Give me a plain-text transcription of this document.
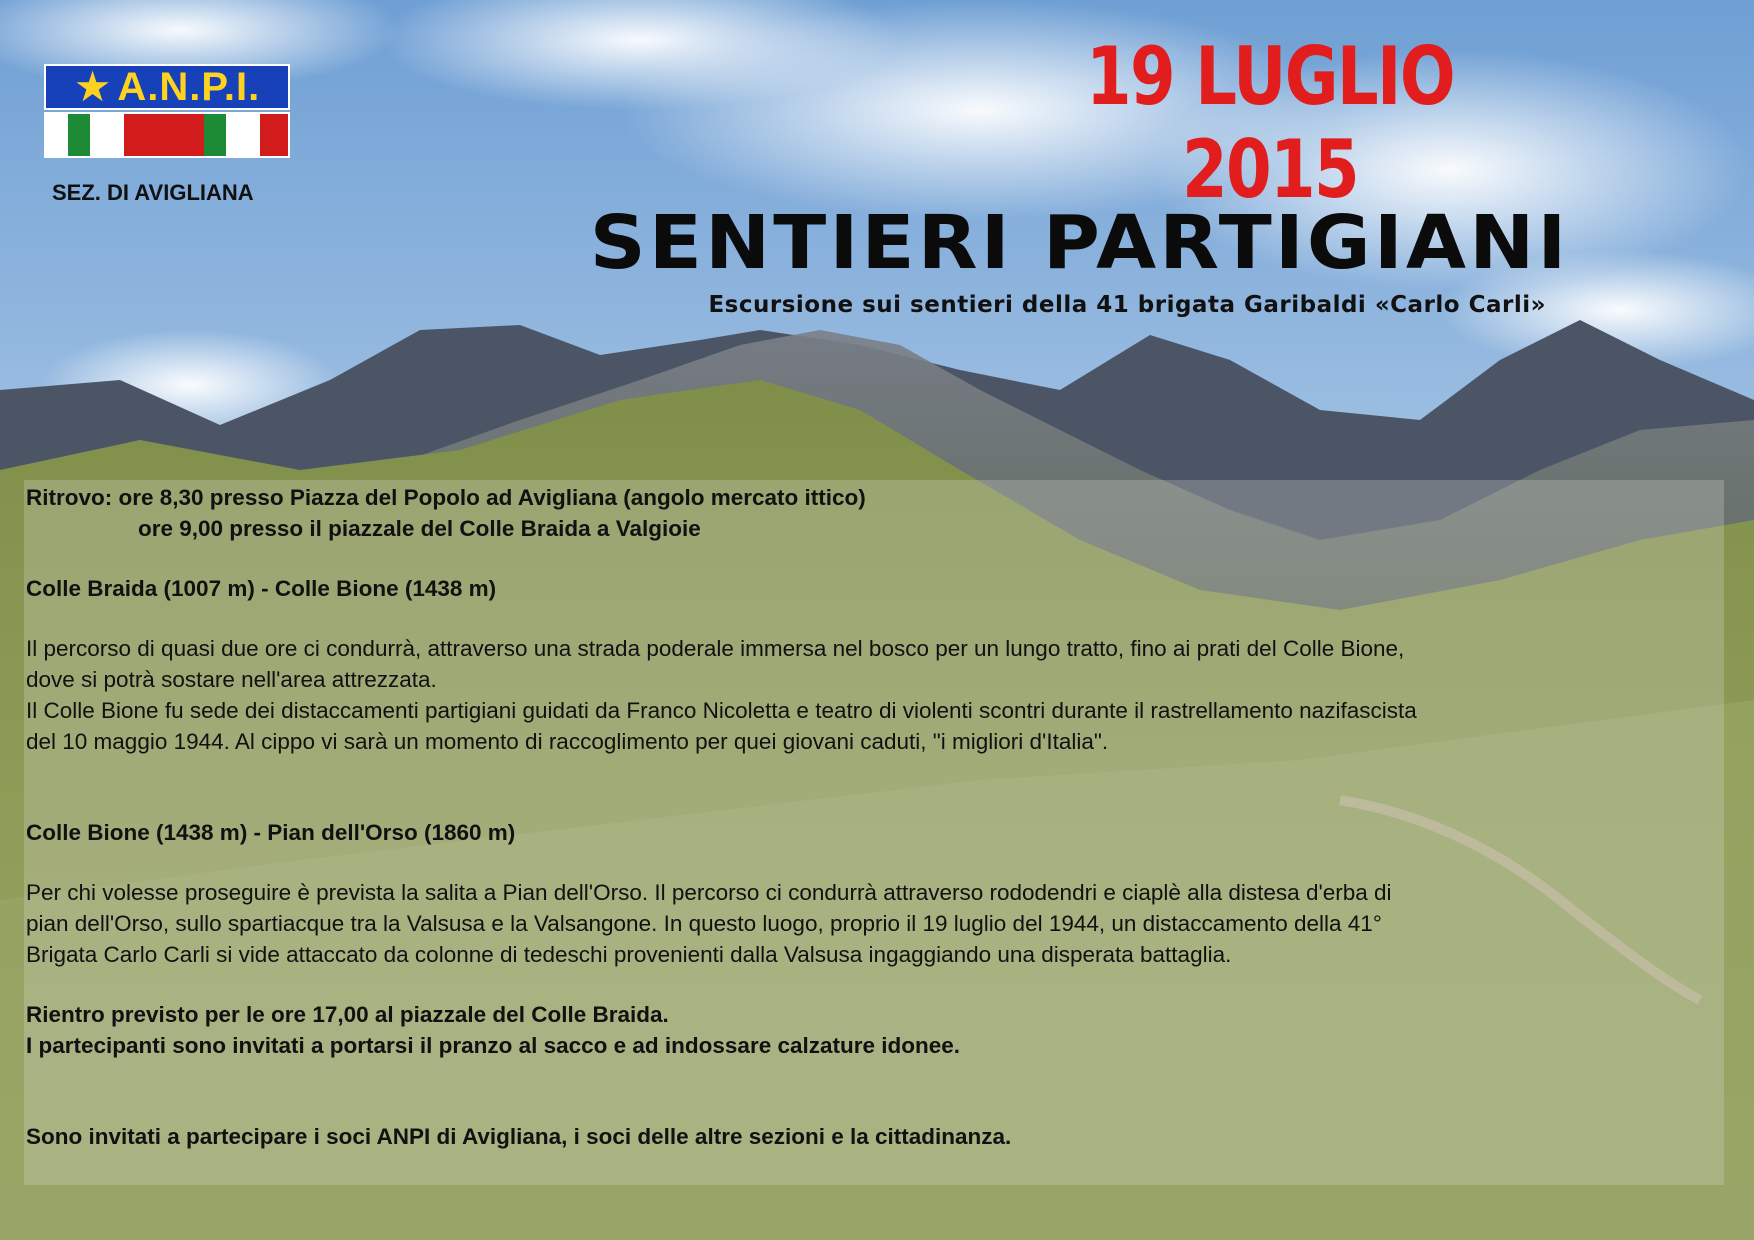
★ A.N.P.I.
SEZ. DI AVIGLIANA
19 LUGLIO 2015
SENTIERI PARTIGIANI
Escursione sui sentieri della 41 brigata Garibaldi «Carlo Carli»

Ritrovo: ore 8,30 presso Piazza del Popolo ad Avigliana (angolo mercato ittico)

ore 9,00 presso il piazzale del Colle Braida a Valgioie

Colle Braida (1007 m) - Colle Bione (1438 m)

Il percorso di quasi due ore ci condurrà, attraverso una strada poderale immersa nel bosco per un lungo tratto, fino ai prati del Colle Bione,

dove si potrà sostare nell'area attrezzata.

Il Colle Bione fu sede dei distaccamenti partigiani guidati da Franco Nicoletta e teatro di violenti scontri durante il rastrellamento nazifascista

del 10 maggio 1944. Al cippo vi sarà un momento di raccoglimento per quei giovani caduti, "i migliori d'Italia".

Colle Bione (1438 m) - Pian dell'Orso (1860 m)

Per chi volesse proseguire è prevista la salita a Pian dell'Orso. Il percorso ci condurrà attraverso rododendri e ciaplè alla distesa d'erba di

pian dell'Orso, sullo spartiacque tra la Valsusa e la Valsangone. In questo luogo, proprio il 19 luglio del 1944, un distaccamento della 41°

Brigata Carlo Carli si vide attaccato da colonne di tedeschi provenienti dalla Valsusa ingaggiando una disperata battaglia.

Rientro previsto per le ore 17,00 al piazzale del Colle Braida.

I partecipanti sono invitati a portarsi il pranzo al sacco e ad indossare calzature idonee.

Sono invitati a partecipare i soci ANPI di Avigliana, i soci delle altre sezioni e la cittadinanza.
